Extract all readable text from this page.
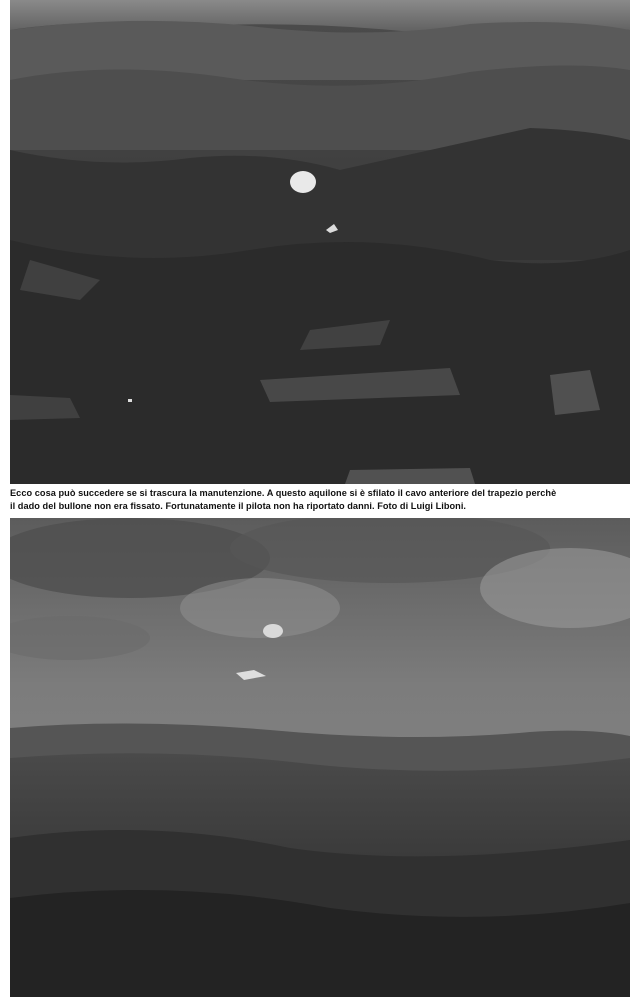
Ecco cosa può succedere se si trascura la manutenzione. A questo aquilone si è sfilato il cavo anteriore del trapezio perchè
il dado del bullone non era fissato. Fortunatamente il pilota non ha riportato danni. Foto di Luigi Liboni.
